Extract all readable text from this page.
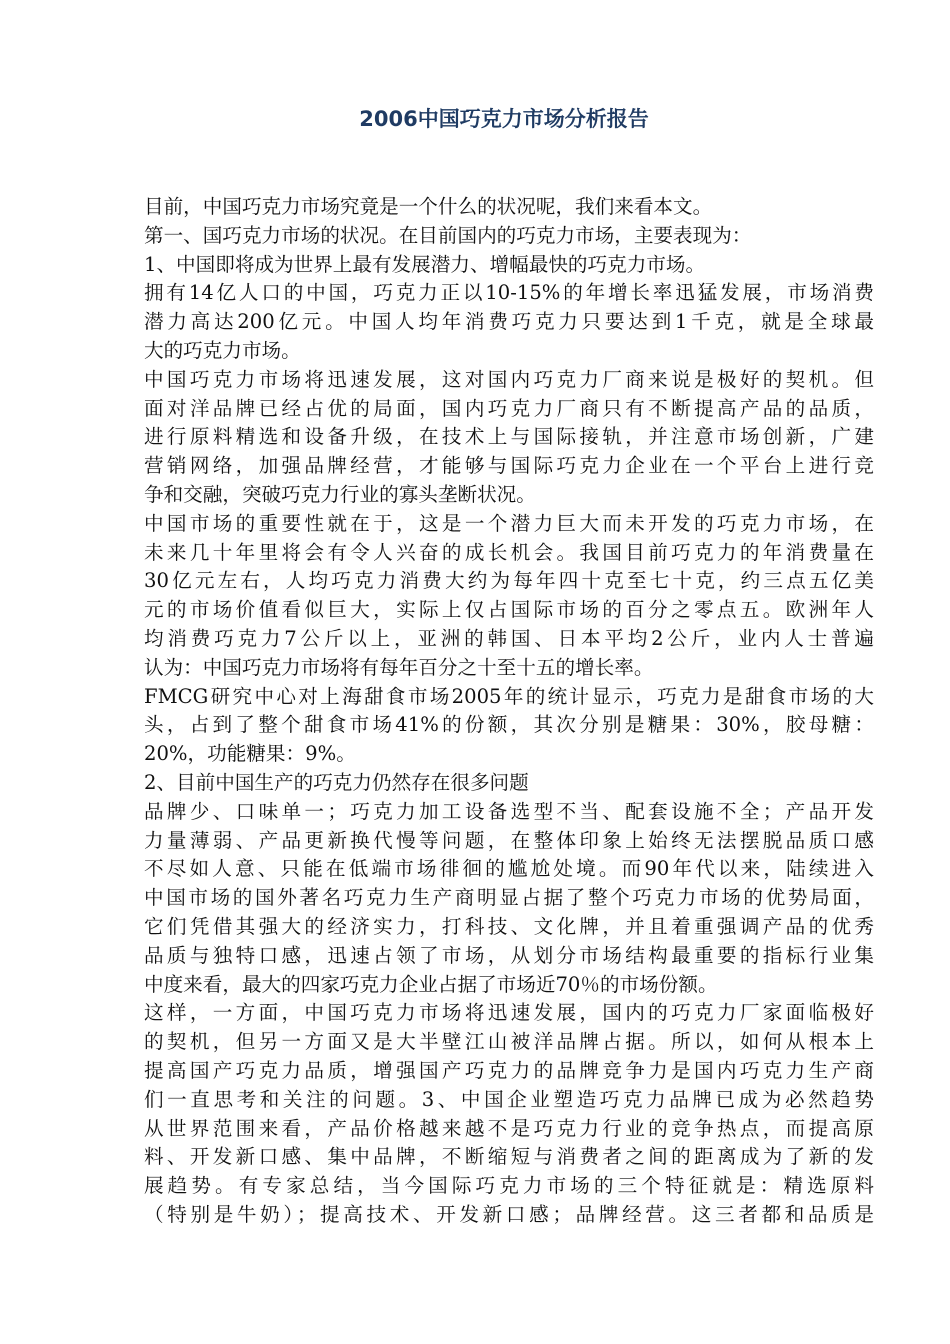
2006中国巧克力市场分析报告
目前，中国巧克力市场究竟是一个什么的状况呢，我们来看本文。
第一、国巧克力市场的状况。在目前国内的巧克力市场，主要表现为：
1、中国即将成为世界上最有发展潜力、增幅最快的巧克力市场。
拥有14亿人口的中国，巧克力正以10-15%的年增长率迅猛发展，市场消费
潜力高达200亿元。中国人均年消费巧克力只要达到1千克，就是全球最
大的巧克力市场。
中国巧克力市场将迅速发展，这对国内巧克力厂商来说是极好的契机。但
面对洋品牌已经占优的局面，国内巧克力厂商只有不断提高产品的品质，
进行原料精选和设备升级，在技术上与国际接轨，并注意市场创新，广建
营销网络，加强品牌经营，才能够与国际巧克力企业在一个平台上进行竞
争和交融，突破巧克力行业的寡头垄断状况。
中国市场的重要性就在于，这是一个潜力巨大而未开发的巧克力市场，在
未来几十年里将会有令人兴奋的成长机会。我国目前巧克力的年消费量在
30亿元左右，人均巧克力消费大约为每年四十克至七十克，约三点五亿美
元的市场价值看似巨大，实际上仅占国际市场的百分之零点五。欧洲年人
均消费巧克力7公斤以上，亚洲的韩国、日本平均2公斤，业内人士普遍
认为：中国巧克力市场将有每年百分之十至十五的增长率。
FMCG研究中心对上海甜食市场2005年的统计显示，巧克力是甜食市场的大
头，占到了整个甜食市场41%的份额，其次分别是糖果：30%，胶母糖：
20%，功能糖果：9%。
2、目前中国生产的巧克力仍然存在很多问题
品牌少、口味单一；巧克力加工设备选型不当、配套设施不全；产品开发
力量薄弱、产品更新换代慢等问题，在整体印象上始终无法摆脱品质口感
不尽如人意、只能在低端市场徘徊的尴尬处境。而90年代以来，陆续进入
中国市场的国外著名巧克力生产商明显占据了整个巧克力市场的优势局面，
它们凭借其强大的经济实力，打科技、文化牌，并且着重强调产品的优秀
品质与独特口感，迅速占领了市场，从划分市场结构最重要的指标行业集
中度来看，最大的四家巧克力企业占据了市场近70％的市场份额。
这样，一方面，中国巧克力市场将迅速发展，国内的巧克力厂家面临极好
的契机，但另一方面又是大半壁江山被洋品牌占据。所以，如何从根本上
提高国产巧克力品质，增强国产巧克力的品牌竞争力是国内巧克力生产商
们一直思考和关注的问题。3、中国企业塑造巧克力品牌已成为必然趋势
从世界范围来看，产品价格越来越不是巧克力行业的竞争热点，而提高原
料、开发新口感、集中品牌，不断缩短与消费者之间的距离成为了新的发
展趋势。有专家总结，当今国际巧克力市场的三个特征就是：精选原料
（特别是牛奶）；提高技术、开发新口感；品牌经营。这三者都和品质是
